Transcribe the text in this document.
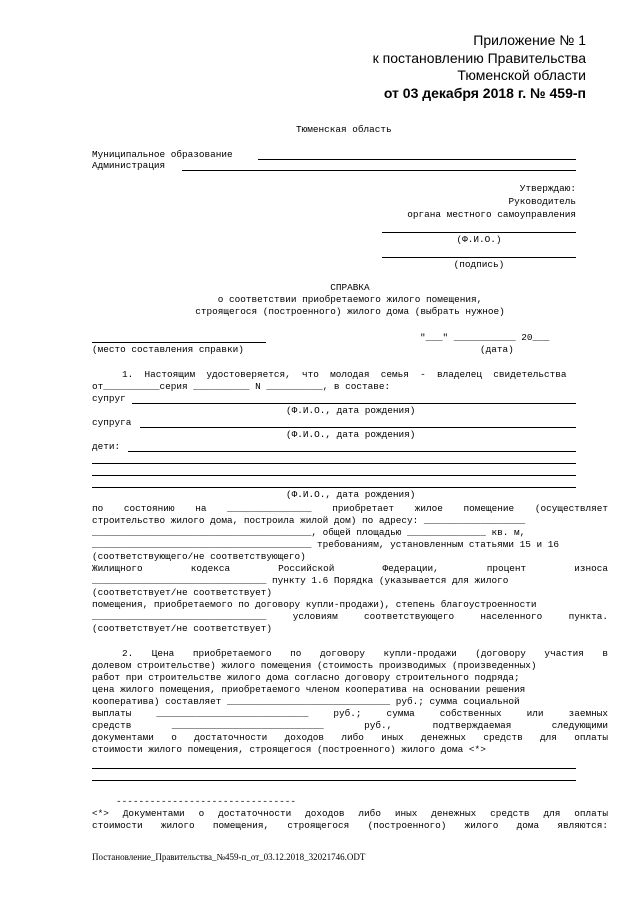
Приложение № 1
к постановлению Правительства
Тюменской области
от 03 декабря 2018 г. № 459-п
Тюменская область
Муниципальное образование
Администрация
Утверждаю:
Руководитель
органа местного самоуправления
(Ф.И.О.)
(подпись)
СПРАВКА
о соответствии приобретаемого жилого помещения,
строящегося (построенного) жилого дома (выбрать нужное)
"___" ___________ 20___
(место составления справки)	(дата)
1.  Настоящим  удостоверяется,  что  молодая  семья  -  владелец  свидетельства
от__________серия __________ N __________, в составе:
супруг
(Ф.И.О., дата рождения)
супруга
(Ф.И.О., дата рождения)
дети:
(Ф.И.О., дата рождения)
по состоянию на _______________ приобретает жилое помещение (осуществляет
строительство жилого дома, построила жилой дом) по адресу: __________________
_______________________________________, общей площадью ______________ кв. м,
_______________________________________ требованиям, установленным статьями 15 и 16
(соответствующего/не соответствующего)
Жилищного кодекса Российской Федерации, процент износа
_______________________________ пункту 1.6 Порядка (указывается для жилого
(соответствует/не соответствует)
помещения, приобретаемого по договору купли-продажи), степень благоустроенности
_______________________________ условиям соответствующего населенного пункта.
(соответствует/не соответствует)
2. Цена приобретаемого по договору купли-продажи (договору участия в
долевом строительстве) жилого помещения (стоимость производимых (произведенных)
работ при строительстве жилого дома согласно договору строительного подряда;
цена жилого помещения, приобретаемого членом кооператива на основании решения
кооператива) составляет _____________________________ руб.; сумма социальной
выплаты ___________________________ руб.; сумма собственных или заемных
средств ___________________________ руб., подтверждаемая следующими
документами о достаточности доходов либо иных денежных средств для оплаты
стоимости жилого помещения, строящегося (построенного) жилого дома <*>
--------------------------------
<*> Документами о достаточности доходов либо иных денежных средств для оплаты
стоимости жилого помещения, строящегося (построенного) жилого дома являются:
Постановление_Правительства_№459-п_от_03.12.2018_32021746.ODT
